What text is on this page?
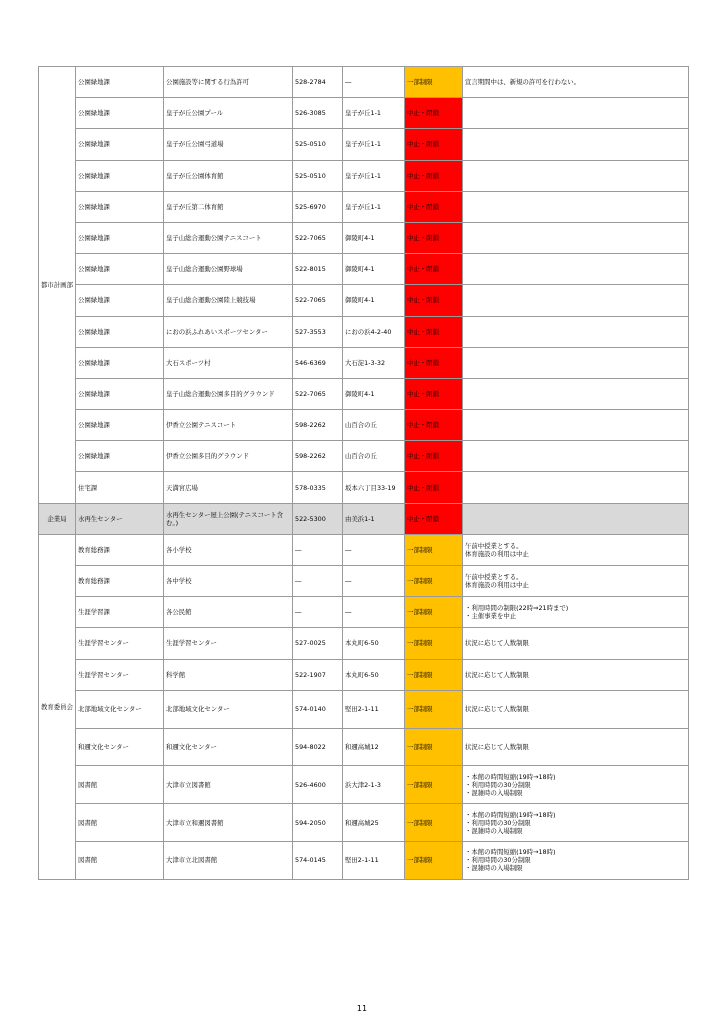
都市計画部	公園緑地課	公園施設等に関する行為許可	528-2784	―	一部制限	宣言期間中は、新規の許可を行わない。

	公園緑地課	皇子が丘公園プール	526-3085	皇子が丘1-1	中止・閉鎖	
	公園緑地課	皇子が丘公園弓道場	525-0510	皇子が丘1-1	中止・閉鎖	
	公園緑地課	皇子が丘公園体育館	525-0510	皇子が丘1-1	中止・閉鎖	
	公園緑地課	皇子が丘第二体育館	525-6970	皇子が丘1-1	中止・閉鎖	
	公園緑地課	皇子山総合運動公園テニスコート	522-7065	御陵町4-1	中止・閉鎖	
	公園緑地課	皇子山総合運動公園野球場	522-8015	御陵町4-1	中止・閉鎖	
	公園緑地課	皇子山総合運動公園陸上競技場	522-7065	御陵町4-1	中止・閉鎖	
	公園緑地課	におの浜ふれあいスポーツセンター	527-3553	におの浜4-2-40	中止・閉鎖	
	公園緑地課	大石スポーツ村	546-6369	大石淀1-3-32	中止・閉鎖	
	公園緑地課	皇子山総合運動公園多目的グラウンド	522-7065	御陵町4-1	中止・閉鎖	
	公園緑地課	伊香立公園テニスコート	598-2262	山百合の丘	中止・閉鎖	
	公園緑地課	伊香立公園多目的グラウンド	598-2262	山百合の丘	中止・閉鎖	
	住宅課	天満宮広場	578-0335	坂本六丁目33-19	中止・閉鎖	
企業局	水再生センター	水再生センター屋上公園(テニスコート含む。)	522-5300	由美浜1-1	中止・閉鎖	
教育委員会	教育総務課	各小学校	―	―	一部制限	午前中授業とする。
体育施設の利用は中止

	教育総務課	各中学校	―	―	一部制限	午前中授業とする。
体育施設の利用は中止

	生涯学習課	各公民館	―	―	一部制限	・利用時間の制限(22時⇒21時まで)
・主催事業を中止

	生涯学習センター	生涯学習センター	527-0025	本丸町6-50	一部制限	状況に応じて人数制限

	生涯学習センター	科学館	522-1907	本丸町6-50	一部制限	状況に応じて人数制限

	北部地域文化センター	北部地域文化センター	574-0140	堅田2-1-11	一部制限	状況に応じて人数制限

	和邇文化センター	和邇文化センター	594-8022	和邇高城12	一部制限	状況に応じて人数制限

	図書館	大津市立図書館	526-4600	浜大津2-1-3	一部制限	・本館の時間短縮(19時→18時)
・利用時間の30分制限
・混雑時の入場制限

	図書館	大津市立和邇図書館	594-2050	和邇高城25	一部制限	・本館の時間短縮(19時→18時)
・利用時間の30分制限
・混雑時の入場制限

	図書館	大津市立北図書館	574-0145	堅田2-1-11	一部制限	・本館の時間短縮(19時→18時)
・利用時間の30分制限
・混雑時の入場制限
11
